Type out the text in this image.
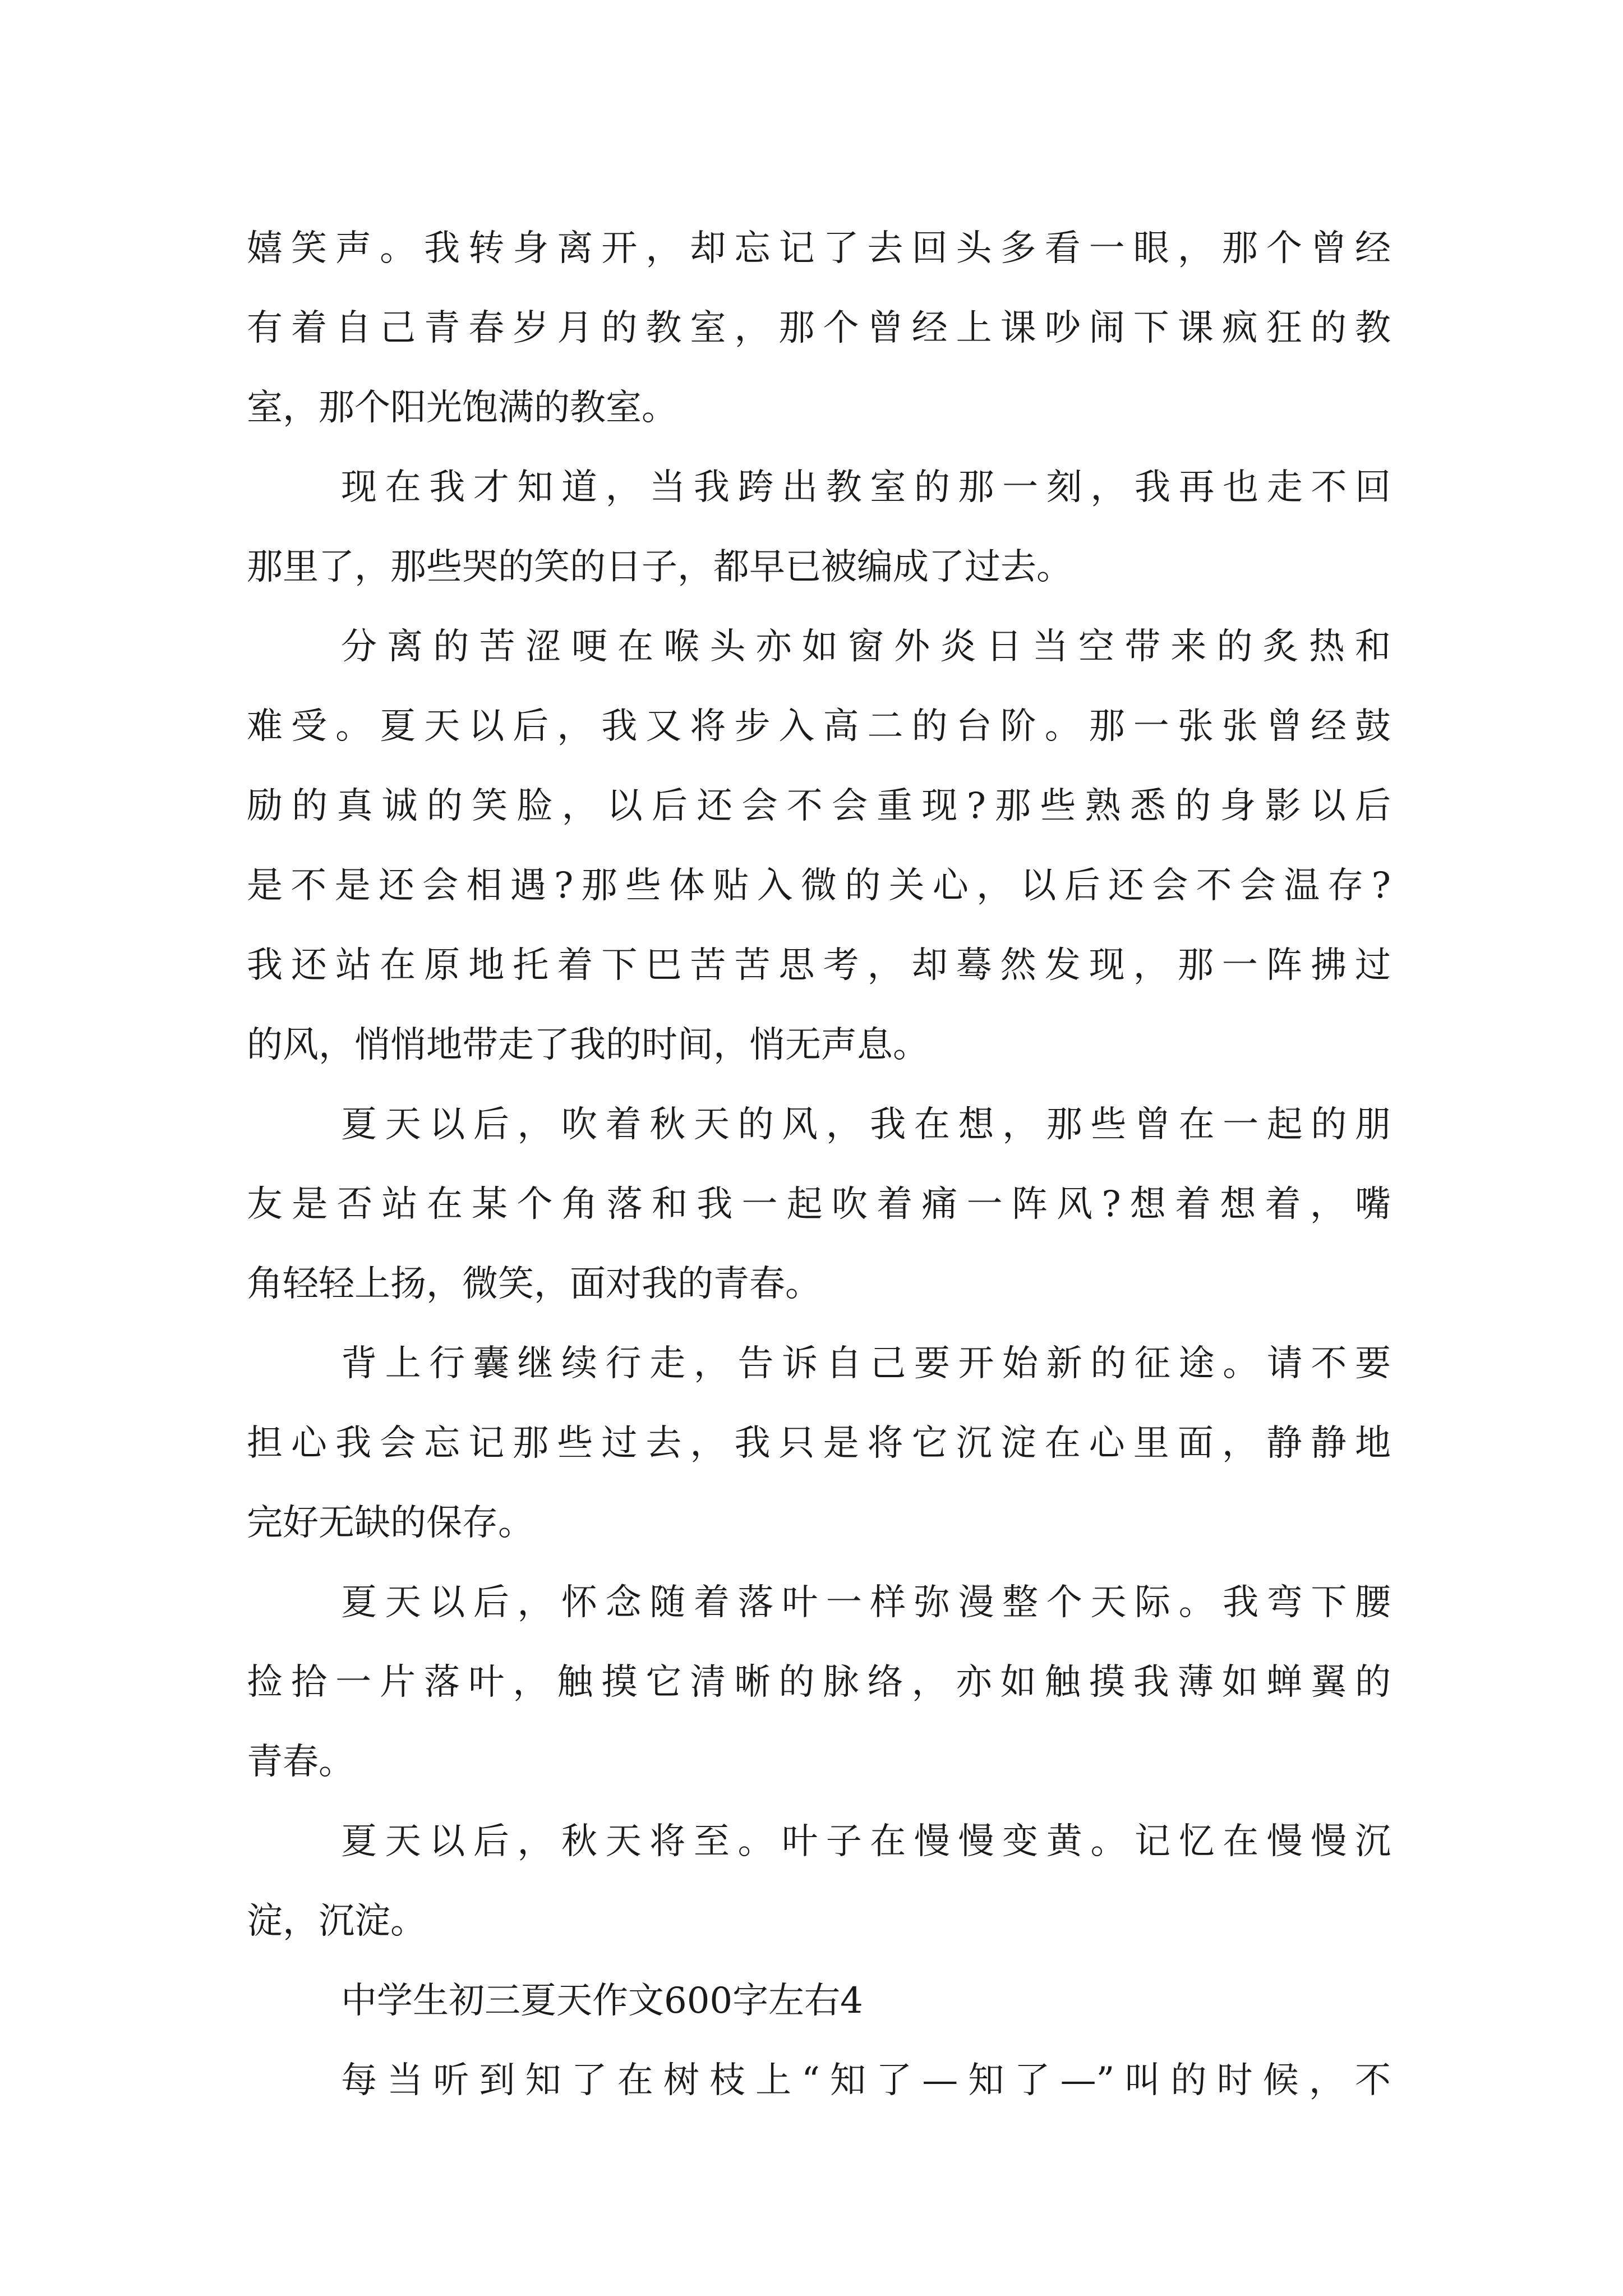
嬉笑声。我转身离开，却忘记了去回头多看一眼，那个曾经
有着自己青春岁月的教室，那个曾经上课吵闹下课疯狂的教
室，那个阳光饱满的教室。
现在我才知道，当我跨出教室的那一刻，我再也走不回
那里了，那些哭的笑的日子，都早已被编成了过去。
分离的苦涩哽在喉头亦如窗外炎日当空带来的炙热和
难受。夏天以后，我又将步入高二的台阶。那一张张曾经鼓
励的真诚的笑脸，以后还会不会重现?那些熟悉的身影以后
是不是还会相遇?那些体贴入微的关心，以后还会不会温存?
我还站在原地托着下巴苦苦思考，却蓦然发现，那一阵拂过
的风，悄悄地带走了我的时间，悄无声息。
夏天以后，吹着秋天的风，我在想，那些曾在一起的朋
友是否站在某个角落和我一起吹着痛一阵风?想着想着，嘴
角轻轻上扬，微笑，面对我的青春。
背上行囊继续行走，告诉自己要开始新的征途。请不要
担心我会忘记那些过去，我只是将它沉淀在心里面，静静地
完好无缺的保存。
夏天以后，怀念随着落叶一样弥漫整个天际。我弯下腰
捡拾一片落叶，触摸它清晰的脉络，亦如触摸我薄如蝉翼的
青春。
夏天以后，秋天将至。叶子在慢慢变黄。记忆在慢慢沉
淀，沉淀。
中学生初三夏天作文600字左右4
每当听到知了在树枝上“知了—知了—”叫的时候，不
